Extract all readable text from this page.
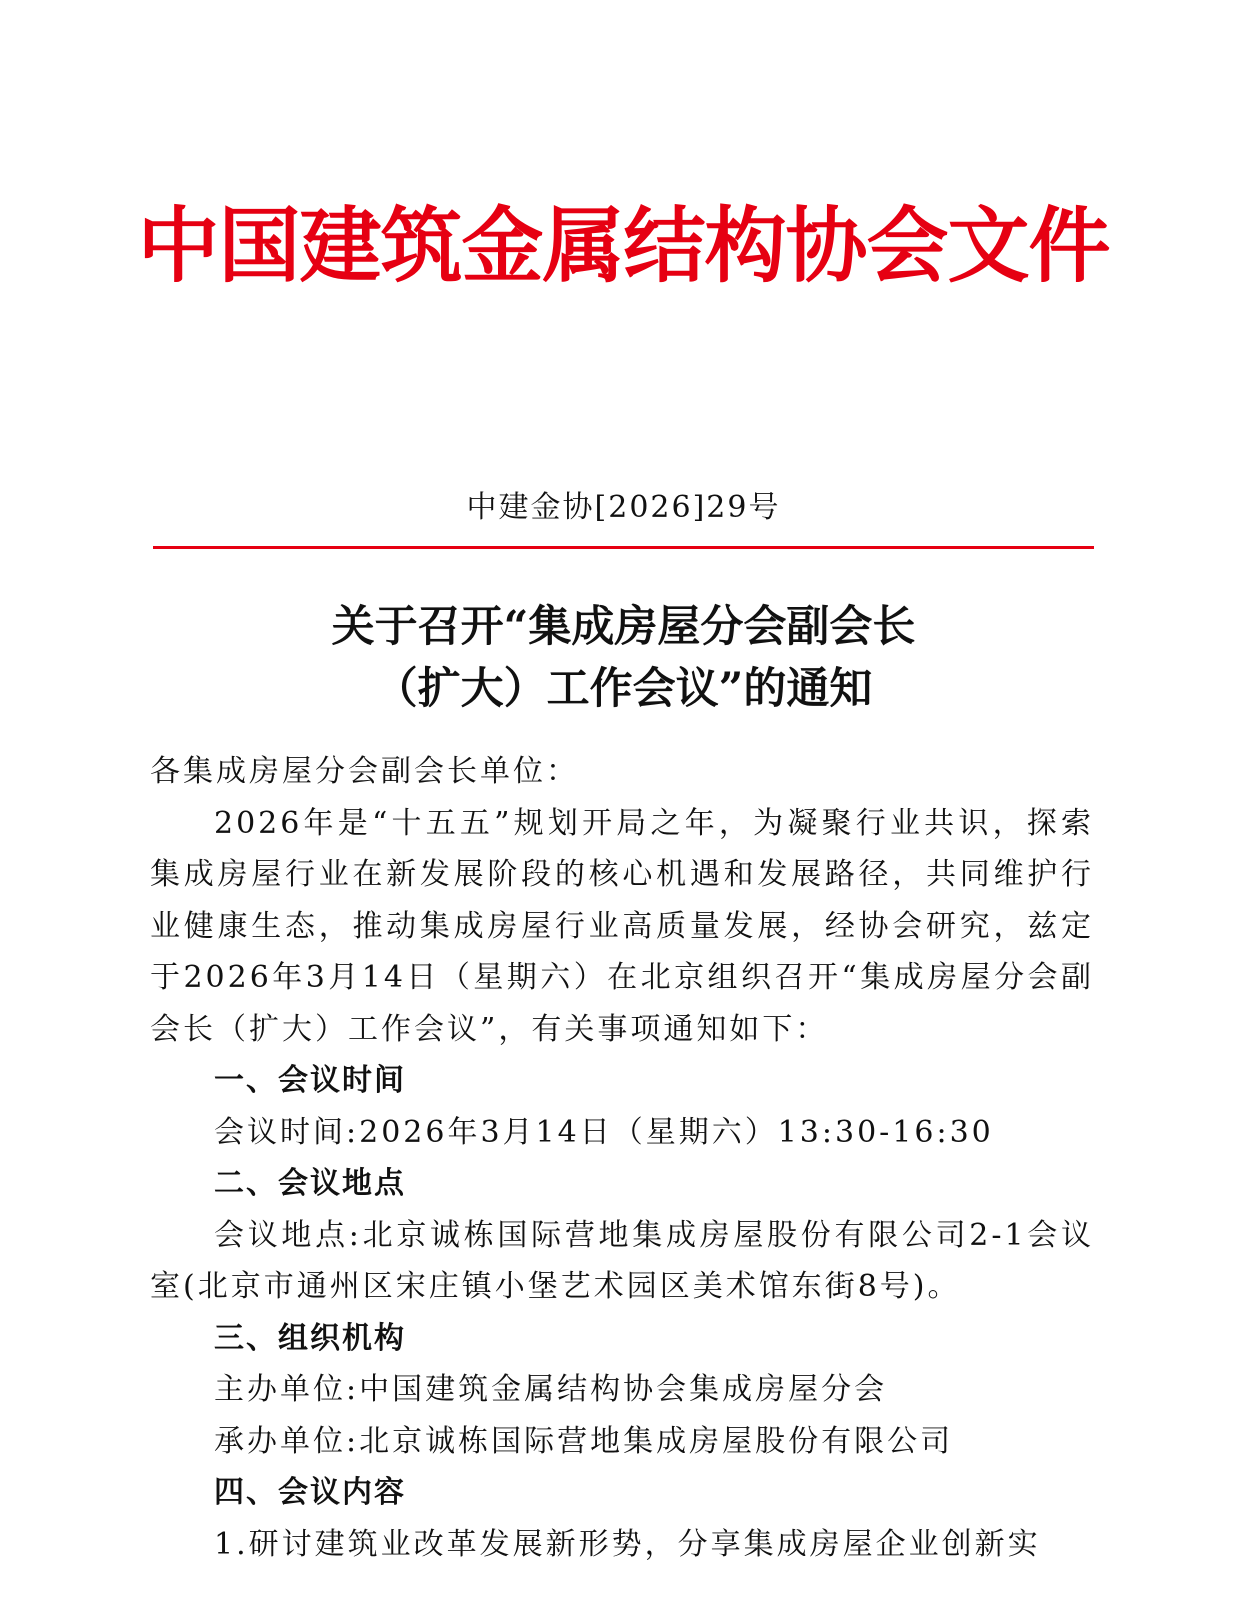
中国建筑金属结构协会文件
中建金协[2026]29号
关于召开“集成房屋分会副会长
（扩大）工作会议”的通知

各集成房屋分会副会长单位：

2026年是“十五五”规划开局之年，为凝聚行业共识，探索集成房屋行业在新发展阶段的核心机遇和发展路径，共同维护行业健康生态，推动集成房屋行业高质量发展，经协会研究，兹定于2026年3月14日（星期六）在北京组织召开“集成房屋分会副会长（扩大）工作会议”，有关事项通知如下：

一、会议时间

会议时间:2026年3月14日（星期六）13:30-16:30

二、会议地点

会议地点:北京诚栋国际营地集成房屋股份有限公司2-1会议室(北京市通州区宋庄镇小堡艺术园区美术馆东街8号)。

三、组织机构

主办单位:中国建筑金属结构协会集成房屋分会

承办单位:北京诚栋国际营地集成房屋股份有限公司

四、会议内容

1.研讨建筑业改革发展新形势，分享集成房屋企业创新实
